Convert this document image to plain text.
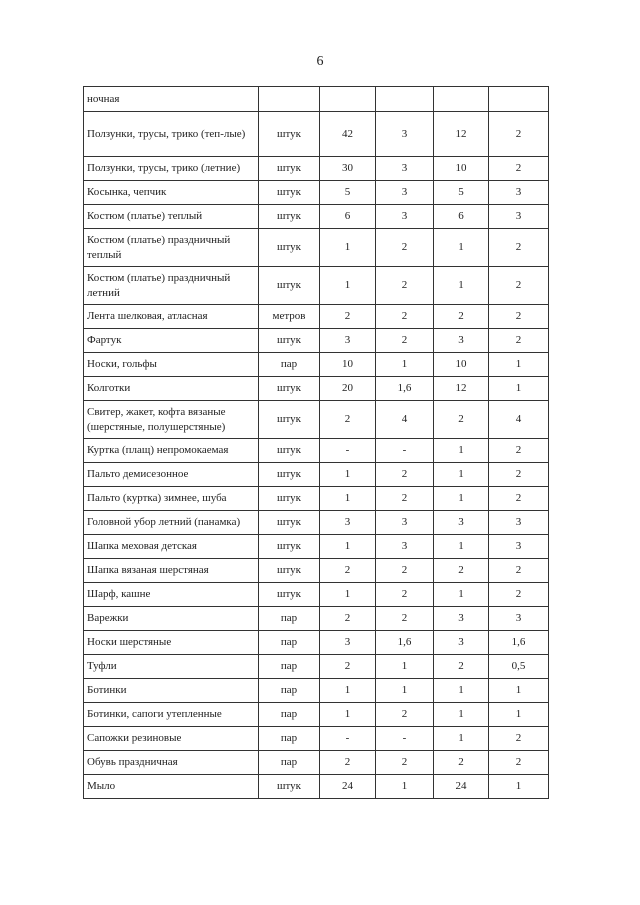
6
ночная					
Ползунки, трусы, трико (теп-лые)	штук	42	3	12	2
Ползунки, трусы, трико (летние)	штук	30	3	10	2
Косынка, чепчик	штук	5	3	5	3
Костюм (платье) теплый	штук	6	3	6	3
Костюм (платье) праздничный теплый	штук	1	2	1	2
Костюм (платье) праздничный летний	штук	1	2	1	2
Лента шелковая, атласная	метров	2	2	2	2
Фартук	штук	3	2	3	2
Носки, гольфы	пар	10	1	10	1
Колготки	штук	20	1,6	12	1
Свитер, жакет, кофта вязаные (шерстяные, полушерстяные)	штук	2	4	2	4
Куртка (плащ) непромокаемая	штук	-	-	1	2
Пальто демисезонное	штук	1	2	1	2
Пальто (куртка) зимнее, шуба	штук	1	2	1	2
Головной убор летний (панамка)	штук	3	3	3	3
Шапка меховая детская	штук	1	3	1	3
Шапка вязаная шерстяная	штук	2	2	2	2
Шарф, кашне	штук	1	2	1	2
Варежки	пар	2	2	3	3
Носки шерстяные	пар	3	1,6	3	1,6
Туфли	пар	2	1	2	0,5
Ботинки	пар	1	1	1	1
Ботинки, сапоги утепленные	пар	1	2	1	1
Сапожки резиновые	пар	-	-	1	2
Обувь праздничная	пар	2	2	2	2
Мыло	штук	24	1	24	1
